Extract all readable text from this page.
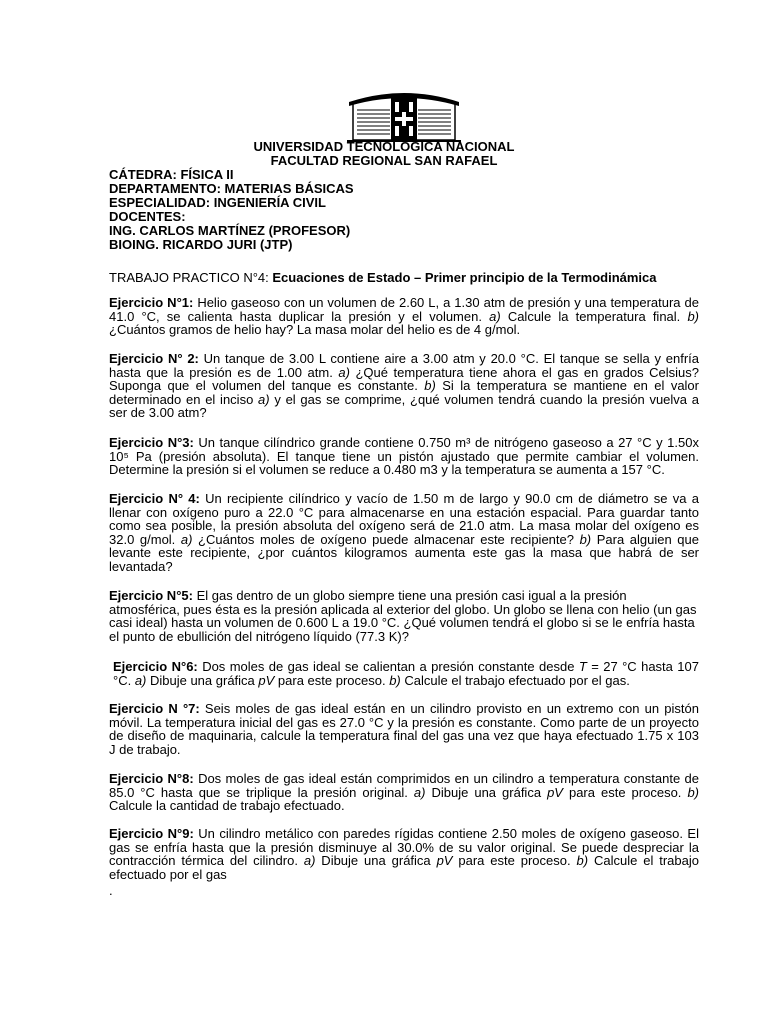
UNIVERSIDAD TECNOLÓGICA NACIONAL
FACULTAD REGIONAL SAN RAFAEL
CÁTEDRA: FÍSICA II
DEPARTAMENTO: MATERIAS BÁSICAS
ESPECIALIDAD: INGENIERÍA CIVIL
DOCENTES:
ING. CARLOS MARTÍNEZ (PROFESOR)
BIOING. RICARDO JURI (JTP)
TRABAJO PRACTICO N°4: Ecuaciones de Estado – Primer principio de la Termodinámica
Ejercicio N°1: Helio gaseoso con un volumen de 2.60 L, a 1.30 atm de presión y una temperatura de 41.0 °C, se calienta hasta duplicar la presión y el volumen. a) Calcule la temperatura final. b) ¿Cuántos gramos de helio hay? La masa molar del helio es de 4 g/mol.
Ejercicio N° 2: Un tanque de 3.00 L contiene aire a 3.00 atm y 20.0 °C. El tanque se sella y enfría hasta que la presión es de 1.00 atm. a) ¿Qué temperatura tiene ahora el gas en grados Celsius? Suponga que el volumen del tanque es constante. b) Si la temperatura se mantiene en el valor determinado en el inciso a) y el gas se comprime, ¿qué volumen tendrá cuando la presión vuelva a ser de 3.00 atm?
Ejercicio N°3: Un tanque cilíndrico grande contiene 0.750 m³ de nitrógeno gaseoso a 27 °C y 1.50x 10⁵ Pa (presión absoluta). El tanque tiene un pistón ajustado que permite cambiar el volumen. Determine la presión si el volumen se reduce a 0.480 m3 y la temperatura se aumenta a 157 °C.
Ejercicio N° 4: Un recipiente cilíndrico y vacío de 1.50 m de largo y 90.0 cm de diámetro se va a llenar con oxígeno puro a 22.0 °C para almacenarse en una estación espacial. Para guardar tanto como sea posible, la presión absoluta del oxígeno será de 21.0 atm. La masa molar del oxígeno es 32.0 g/mol. a) ¿Cuántos moles de oxígeno puede almacenar este recipiente? b) Para alguien que levante este recipiente, ¿por cuántos kilogramos aumenta este gas la masa que habrá de ser levantada?
Ejercicio N°5: El gas dentro de un globo siempre tiene una presión casi igual a la presión atmosférica, pues ésta es la presión aplicada al exterior del globo. Un globo se llena con helio (un gas casi ideal) hasta un volumen de 0.600 L a 19.0 °C. ¿Qué volumen tendrá el globo si se le enfría hasta el punto de ebullición del nitrógeno líquido (77.3 K)?
Ejercicio N°6: Dos moles de gas ideal se calientan a presión constante desde T = 27 °C hasta 107 °C. a) Dibuje una gráfica pV para este proceso. b) Calcule el trabajo efectuado por el gas.
Ejercicio N °7: Seis moles de gas ideal están en un cilindro provisto en un extremo con un pistón móvil. La temperatura inicial del gas es 27.0 °C y la presión es constante. Como parte de un proyecto de diseño de maquinaria, calcule la temperatura final del gas una vez que haya efectuado 1.75 x 103 J de trabajo.
Ejercicio N°8: Dos moles de gas ideal están comprimidos en un cilindro a temperatura constante de 85.0 °C hasta que se triplique la presión original. a) Dibuje una gráfica pV para este proceso. b) Calcule la cantidad de trabajo efectuado.
Ejercicio N°9: Un cilindro metálico con paredes rígidas contiene 2.50 moles de oxígeno gaseoso. El gas se enfría hasta que la presión disminuye al 30.0% de su valor original. Se puede despreciar la contracción térmica del cilindro. a) Dibuje una gráfica pV para este proceso. b) Calcule el trabajo efectuado por el gas
.
